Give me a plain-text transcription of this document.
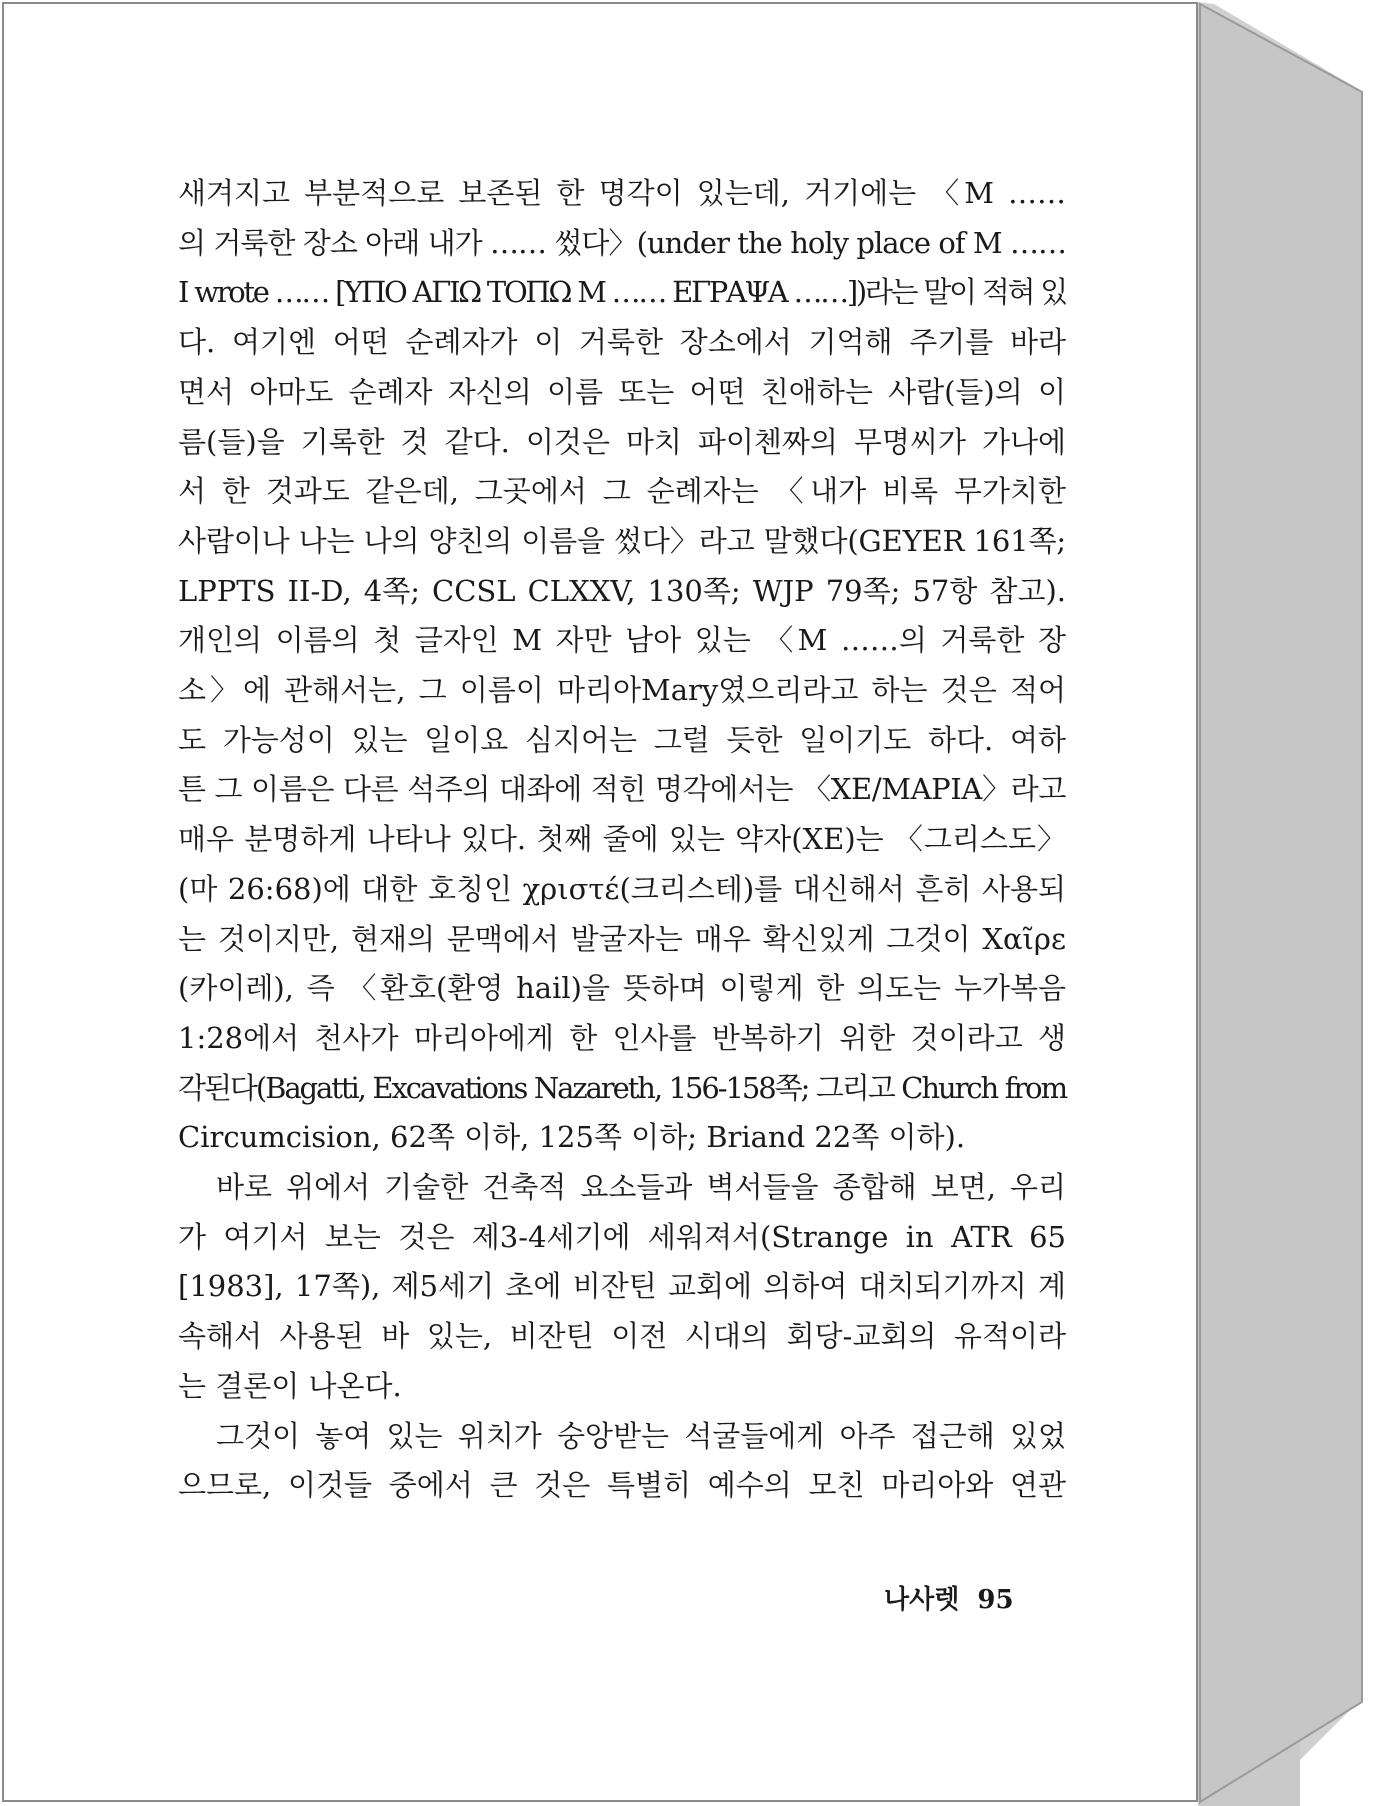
새겨지고 부분적으로 보존된 한 명각이 있는데, 거기에는 〈M ……
의 거룩한 장소 아래 내가 …… 썼다〉(under the holy place of M ……
I wrote …… [ΥΠΟ ΑΓΙΩ ΤΟΠΩ Μ …… ΕΓΡΑΨΑ ……])라는 말이 적혀 있
다. 여기엔 어떤 순례자가 이 거룩한 장소에서 기억해 주기를 바라
면서 아마도 순례자 자신의 이름 또는 어떤 친애하는 사람(들)의 이
름(들)을 기록한 것 같다. 이것은 마치 파이첸짜의 무명씨가 가나에
서 한 것과도 같은데, 그곳에서 그 순례자는 〈내가 비록 무가치한
사람이나 나는 나의 양친의 이름을 썼다〉라고 말했다(GEYER 161쪽;
LPPTS II-D, 4쪽; CCSL CLXXV, 130쪽; WJP 79쪽; 57항 참고).
개인의 이름의 첫 글자인 M 자만 남아 있는 〈M ……의 거룩한 장
소〉에 관해서는, 그 이름이 마리아Mary였으리라고 하는 것은 적어
도 가능성이 있는 일이요 심지어는 그럴 듯한 일이기도 하다. 여하
튼 그 이름은 다른 석주의 대좌에 적힌 명각에서는 〈ΧΕ/ΜΑΡΙΑ〉라고
매우 분명하게 나타나 있다. 첫째 줄에 있는 약자(ΧΕ)는 〈그리스도〉
(마 26:68)에 대한 호칭인 χριστέ(크리스테)를 대신해서 흔히 사용되
는 것이지만, 현재의 문맥에서 발굴자는 매우 확신있게 그것이 Χαῖρε
(카이레), 즉 〈환호(환영 hail)을 뜻하며 이렇게 한 의도는 누가복음
1:28에서 천사가 마리아에게 한 인사를 반복하기 위한 것이라고 생
각된다(Bagatti, Excavations Nazareth, 156-158쪽; 그리고 Church from
Circumcision, 62쪽 이하, 125쪽 이하; Briand 22쪽 이하).
바로 위에서 기술한 건축적 요소들과 벽서들을 종합해 보면, 우리
가 여기서 보는 것은 제3-4세기에 세워져서(Strange in ATR 65
[1983], 17쪽), 제5세기 초에 비잔틴 교회에 의하여 대치되기까지 계
속해서 사용된 바 있는, 비잔틴 이전 시대의 회당-교회의 유적이라
는 결론이 나온다.
그것이 놓여 있는 위치가 숭앙받는 석굴들에게 아주 접근해 있었
으므로, 이것들 중에서 큰 것은 특별히 예수의 모친 마리아와 연관
나사렛 95
